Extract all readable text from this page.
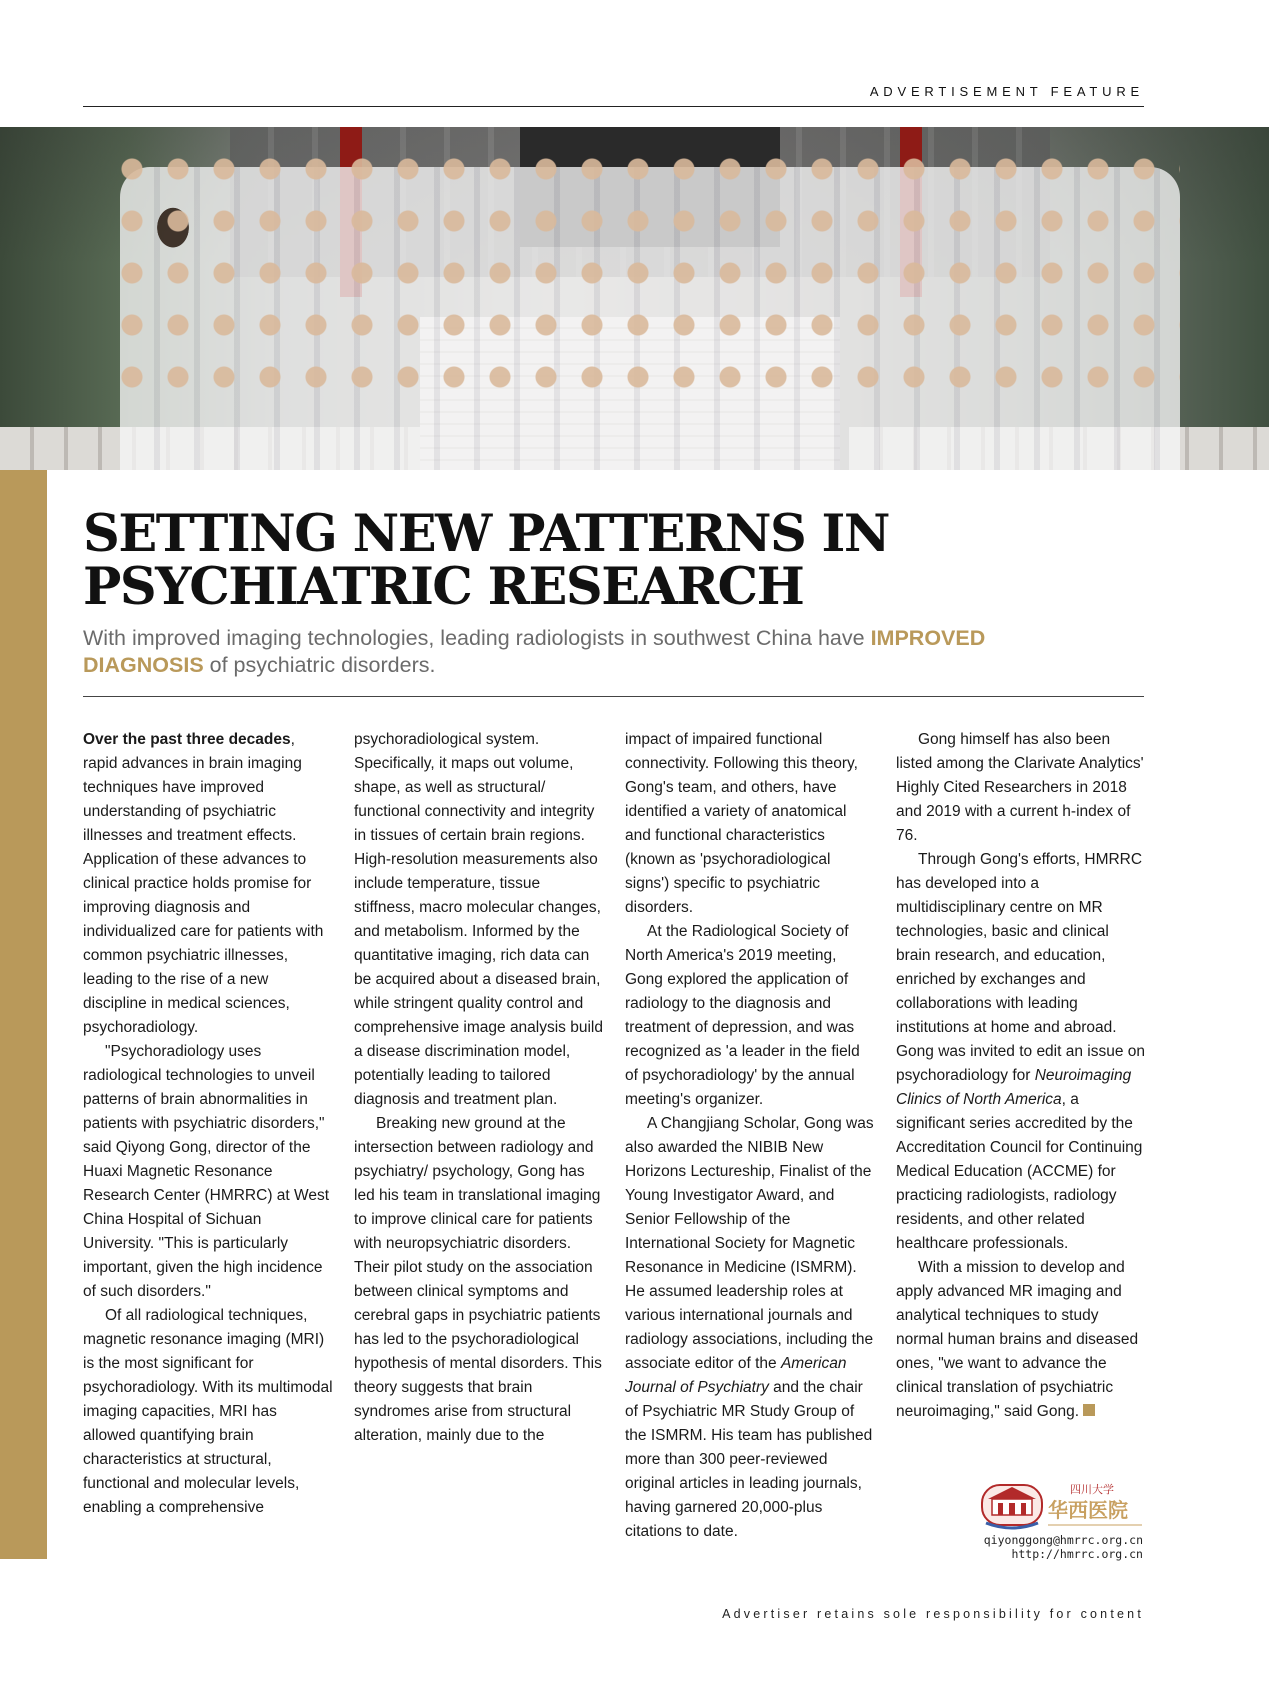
ADVERTISEMENT FEATURE
SETTING NEW PATTERNS IN
PSYCHIATRIC RESEARCH
With improved imaging technologies, leading radiologists in southwest China have IMPROVED DIAGNOSIS of psychiatric disorders.

Over the past three decades, rapid advances in brain imaging techniques have improved understanding of psychiatric illnesses and treatment effects. Application of these advances to clinical practice holds promise for improving diagnosis and individualized care for patients with common psychiatric illnesses, leading to the rise of a new discipline in medical sciences, psychoradiology.

"Psychoradiology uses radiological technologies to unveil patterns of brain abnormalities in patients with psychiatric disorders," said Qiyong Gong, director of the Huaxi Magnetic Resonance Research Center (HMRRC) at West China Hospital of Sichuan University. "This is particularly important, given the high incidence of such disorders."

Of all radiological techniques, magnetic resonance imaging (MRI) is the most significant for psychoradiology. With its multimodal imaging capacities, MRI has allowed quantifying brain characteristics at structural, functional and molecular levels, enabling a comprehensive

psychoradiological system. Specifically, it maps out volume, shape, as well as structural/ functional connectivity and integrity in tissues of certain brain regions. High-resolution measurements also include temperature, tissue stiffness, macro molecular changes, and metabolism. Informed by the quantitative imaging, rich data can be acquired about a diseased brain, while stringent quality control and comprehensive image analysis build a disease discrimination model, potentially leading to tailored diagnosis and treatment plan.

Breaking new ground at the intersection between radiology and psychiatry/ psychology, Gong has led his team in translational imaging to improve clinical care for patients with neuropsychiatric disorders. Their pilot study on the association between clinical symptoms and cerebral gaps in psychiatric patients has led to the psychoradiological hypothesis of mental disorders. This theory suggests that brain syndromes arise from structural alteration, mainly due to the

impact of impaired functional connectivity. Following this theory, Gong's team, and others, have identified a variety of anatomical and functional characteristics (known as 'psychoradiological signs') specific to psychiatric disorders.

At the Radiological Society of North America's 2019 meeting, Gong explored the application of radiology to the diagnosis and treatment of depression, and was recognized as 'a leader in the field of psychoradiology' by the annual meeting's organizer.

A Changjiang Scholar, Gong was also awarded the NIBIB New Horizons Lectureship, Finalist of the Young Investigator Award, and Senior Fellowship of the International Society for Magnetic Resonance in Medicine (ISMRM). He assumed leadership roles at various international journals and radiology associations, including the associate editor of the American Journal of Psychiatry and the chair of Psychiatric MR Study Group of the ISMRM. His team has published more than 300 peer-reviewed original articles in leading journals, having garnered 20,000-plus citations to date.

Gong himself has also been listed among the Clarivate Analytics' Highly Cited Researchers in 2018 and 2019 with a current h-index of 76.

Through Gong's efforts, HMRRC has developed into a multidisciplinary centre on MR technologies, basic and clinical brain research, and education, enriched by exchanges and collaborations with leading institutions at home and abroad. Gong was invited to edit an issue on psychoradiology for Neuroimaging Clinics of North America, a significant series accredited by the Accreditation Council for Continuing Medical Education (ACCME) for practicing radiologists, radiology residents, and other related healthcare professionals.

With a mission to develop and apply advanced MR imaging and analytical techniques to study normal human brains and diseased ones, "we want to advance the clinical translation of psychiatric neuroimaging," said Gong.

四川大学
华西医院
qiyonggong@hmrrc.org.cn
http://hmrrc.org.cn
Advertiser retains sole responsibility for content
